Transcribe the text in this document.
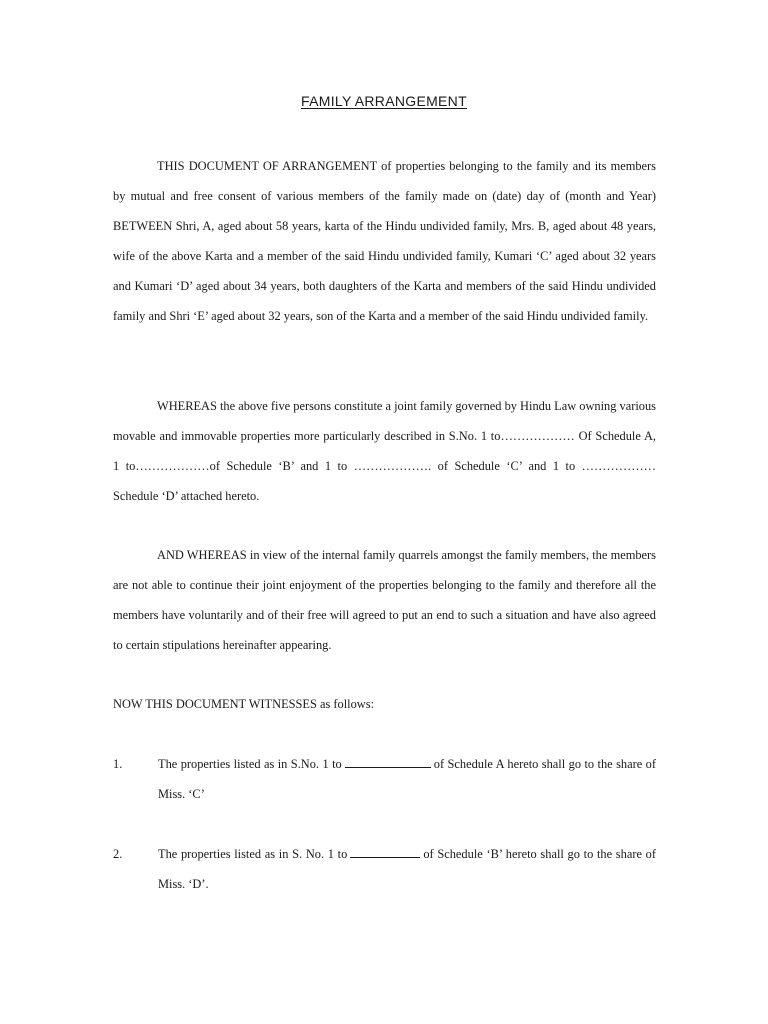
FAMILY ARRANGEMENT

THIS DOCUMENT OF ARRANGEMENT of properties belonging to the family and its members by mutual and free consent of various members of the family made on (date) day of (month and Year) BETWEEN Shri, A, aged about 58 years, karta of the Hindu undivided family, Mrs. B, aged about 48 years, wife of the above Karta and a member of the said Hindu undivided family, Kumari ‘C’ aged about 32 years and Kumari ‘D’ aged about 34 years, both daughters of the Karta and members of the said Hindu undivided family and Shri ‘E’ aged about 32 years, son of the Karta and a member of the said Hindu undivided family.

WHEREAS the above five persons constitute a joint family governed by Hindu Law owning various movable and immovable properties more particularly described in S.No. 1 to……………… Of Schedule A, 1 to………………of Schedule ‘B’ and 1 to ………………. of Schedule ‘C’ and 1 to ……………… Schedule ‘D’ attached hereto.

AND WHEREAS in view of the internal family quarrels amongst the family members, the members are not able to continue their joint enjoyment of the properties belonging to the family and therefore all the members have voluntarily and of their free will agreed to put an end to such a situation and have also agreed to certain stipulations hereinafter appearing.

NOW THIS DOCUMENT WITNESSES as follows:

1.	The properties listed as in S.No. 1 to	of Schedule A hereto shall go to the share of Miss. ‘C’
2.	The properties listed as in S. No. 1 to	of Schedule ‘B’ hereto shall go to the share of Miss. ‘D’.
